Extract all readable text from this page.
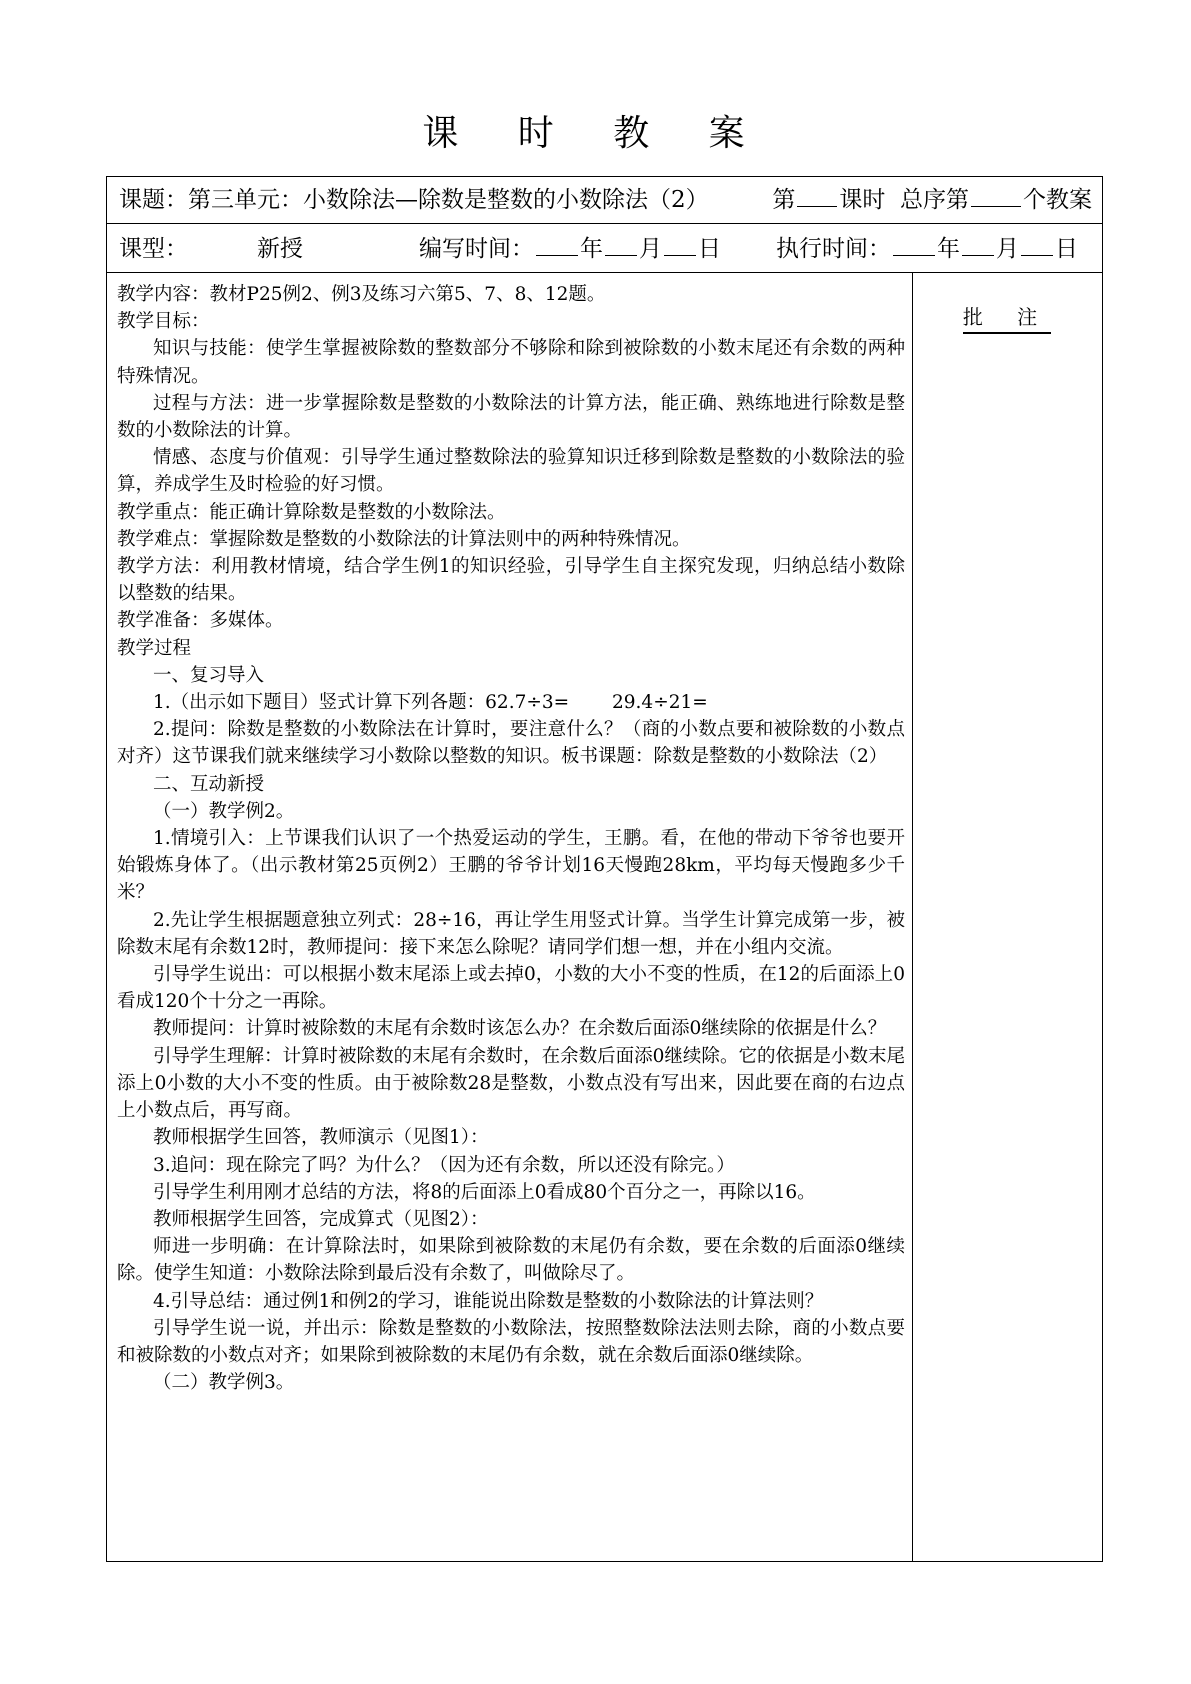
课 时 教 案
课题：第三单元：小数除法—除数是整数的小数除法（2）	第 课时 总序第 个教案
课型：	新授	编写时间： 年 月 日 执行时间： 年 月 日

教学内容：教材P25例2、例3及练习六第5、7、8、12题。

教学目标：

知识与技能：使学生掌握被除数的整数部分不够除和除到被除数的小数末尾还有余数的两种特殊情况。

过程与方法：进一步掌握除数是整数的小数除法的计算方法，能正确、熟练地进行除数是整数的小数除法的计算。

情感、态度与价值观：引导学生通过整数除法的验算知识迁移到除数是整数的小数除法的验算，养成学生及时检验的好习惯。

教学重点：能正确计算除数是整数的小数除法。

教学难点：掌握除数是整数的小数除法的计算法则中的两种特殊情况。

教学方法：利用教材情境，结合学生例1的知识经验，引导学生自主探究发现，归纳总结小数除以整数的结果。

教学准备：多媒体。

教学过程

一、复习导入

1.（出示如下题目）竖式计算下列各题：62.7÷3=　　 29.4÷21=

2.提问：除数是整数的小数除法在计算时，要注意什么？（商的小数点要和被除数的小数点对齐）这节课我们就来继续学习小数除以整数的知识。板书课题：除数是整数的小数除法（2）

二、互动新授

（一）教学例2。

1.情境引入：上节课我们认识了一个热爱运动的学生，王鹏。看，在他的带动下爷爷也要开始锻炼身体了。（出示教材第25页例2）王鹏的爷爷计划16天慢跑28km，平均每天慢跑多少千米？

2.先让学生根据题意独立列式：28÷16，再让学生用竖式计算。当学生计算完成第一步，被除数末尾有余数12时，教师提问：接下来怎么除呢？请同学们想一想，并在小组内交流。

引导学生说出：可以根据小数末尾添上或去掉0，小数的大小不变的性质，在12的后面添上0看成120个十分之一再除。

教师提问：计算时被除数的末尾有余数时该怎么办？在余数后面添0继续除的依据是什么？

引导学生理解：计算时被除数的末尾有余数时，在余数后面添0继续除。它的依据是小数末尾添上0小数的大小不变的性质。由于被除数28是整数，小数点没有写出来，因此要在商的右边点上小数点后，再写商。

教师根据学生回答，教师演示（见图1）：

3.追问：现在除完了吗？为什么？（因为还有余数，所以还没有除完。）

引导学生利用刚才总结的方法，将8的后面添上0看成80个百分之一，再除以16。

教师根据学生回答，完成算式（见图2）：

师进一步明确：在计算除法时，如果除到被除数的末尾仍有余数，要在余数的后面添0继续除。使学生知道：小数除法除到最后没有余数了，叫做除尽了。

4.引导总结：通过例1和例2的学习，谁能说出除数是整数的小数除法的计算法则？

引导学生说一说，并出示：除数是整数的小数除法，按照整数除法法则去除，商的小数点要和被除数的小数点对齐；如果除到被除数的末尾仍有余数，就在余数后面添0继续除。

（二）教学例3。

批 注
